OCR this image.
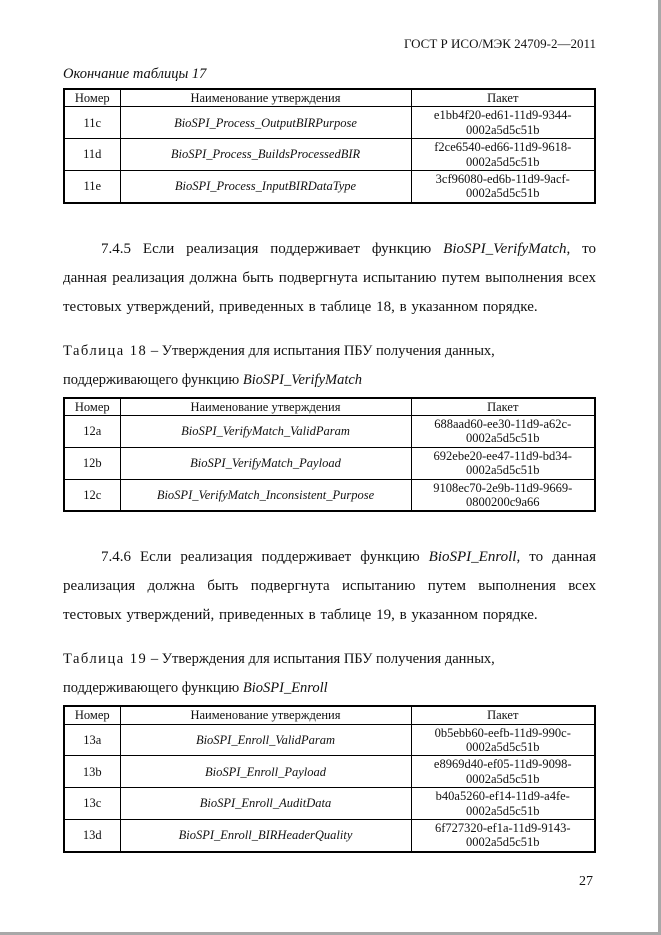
ГОСТ Р ИСО/МЭК 24709-2—2011
Окончание таблицы 17
Номер	Наименование утверждения	Пакет
11c	BioSPI_Process_OutputBIRPurpose	e1bb4f20-ed61-11d9-9344-0002a5d5c51b
11d	BioSPI_Process_BuildsProcessedBIR	f2ce6540-ed66-11d9-9618-0002a5d5c51b
11e	BioSPI_Process_InputBIRDataType	3cf96080-ed6b-11d9-9acf-0002a5d5c51b

7.4.5 Если реализация поддерживает функцию BioSPI_VerifyMatch, то данная реализация должна быть подвергнута испытанию путем выполнения всех тестовых утверждений, приведенных в таблице 18, в указанном порядке.

Таблица 18 – Утверждения для испытания ПБУ получения данных, поддерживающего функцию BioSPI_VerifyMatch

Номер	Наименование утверждения	Пакет
12a	BioSPI_VerifyMatch_ValidParam	688aad60-ee30-11d9-a62c-0002a5d5c51b
12b	BioSPI_VerifyMatch_Payload	692ebe20-ee47-11d9-bd34-0002a5d5c51b
12c	BioSPI_VerifyMatch_Inconsistent_Purpose	9108ec70-2e9b-11d9-9669-0800200c9a66

7.4.6 Если реализация поддерживает функцию BioSPI_Enroll, то данная реализация должна быть подвергнута испытанию путем выполнения всех тестовых утверждений, приведенных в таблице 19, в указанном порядке.

Таблица 19 – Утверждения для испытания ПБУ получения данных, поддерживающего функцию BioSPI_Enroll

Номер	Наименование утверждения	Пакет
13a	BioSPI_Enroll_ValidParam	0b5ebb60-eefb-11d9-990c-0002a5d5c51b
13b	BioSPI_Enroll_Payload	e8969d40-ef05-11d9-9098-0002a5d5c51b
13c	BioSPI_Enroll_AuditData	b40a5260-ef14-11d9-a4fe-0002a5d5c51b
13d	BioSPI_Enroll_BIRHeaderQuality	6f727320-ef1a-11d9-9143-0002a5d5c51b
27
